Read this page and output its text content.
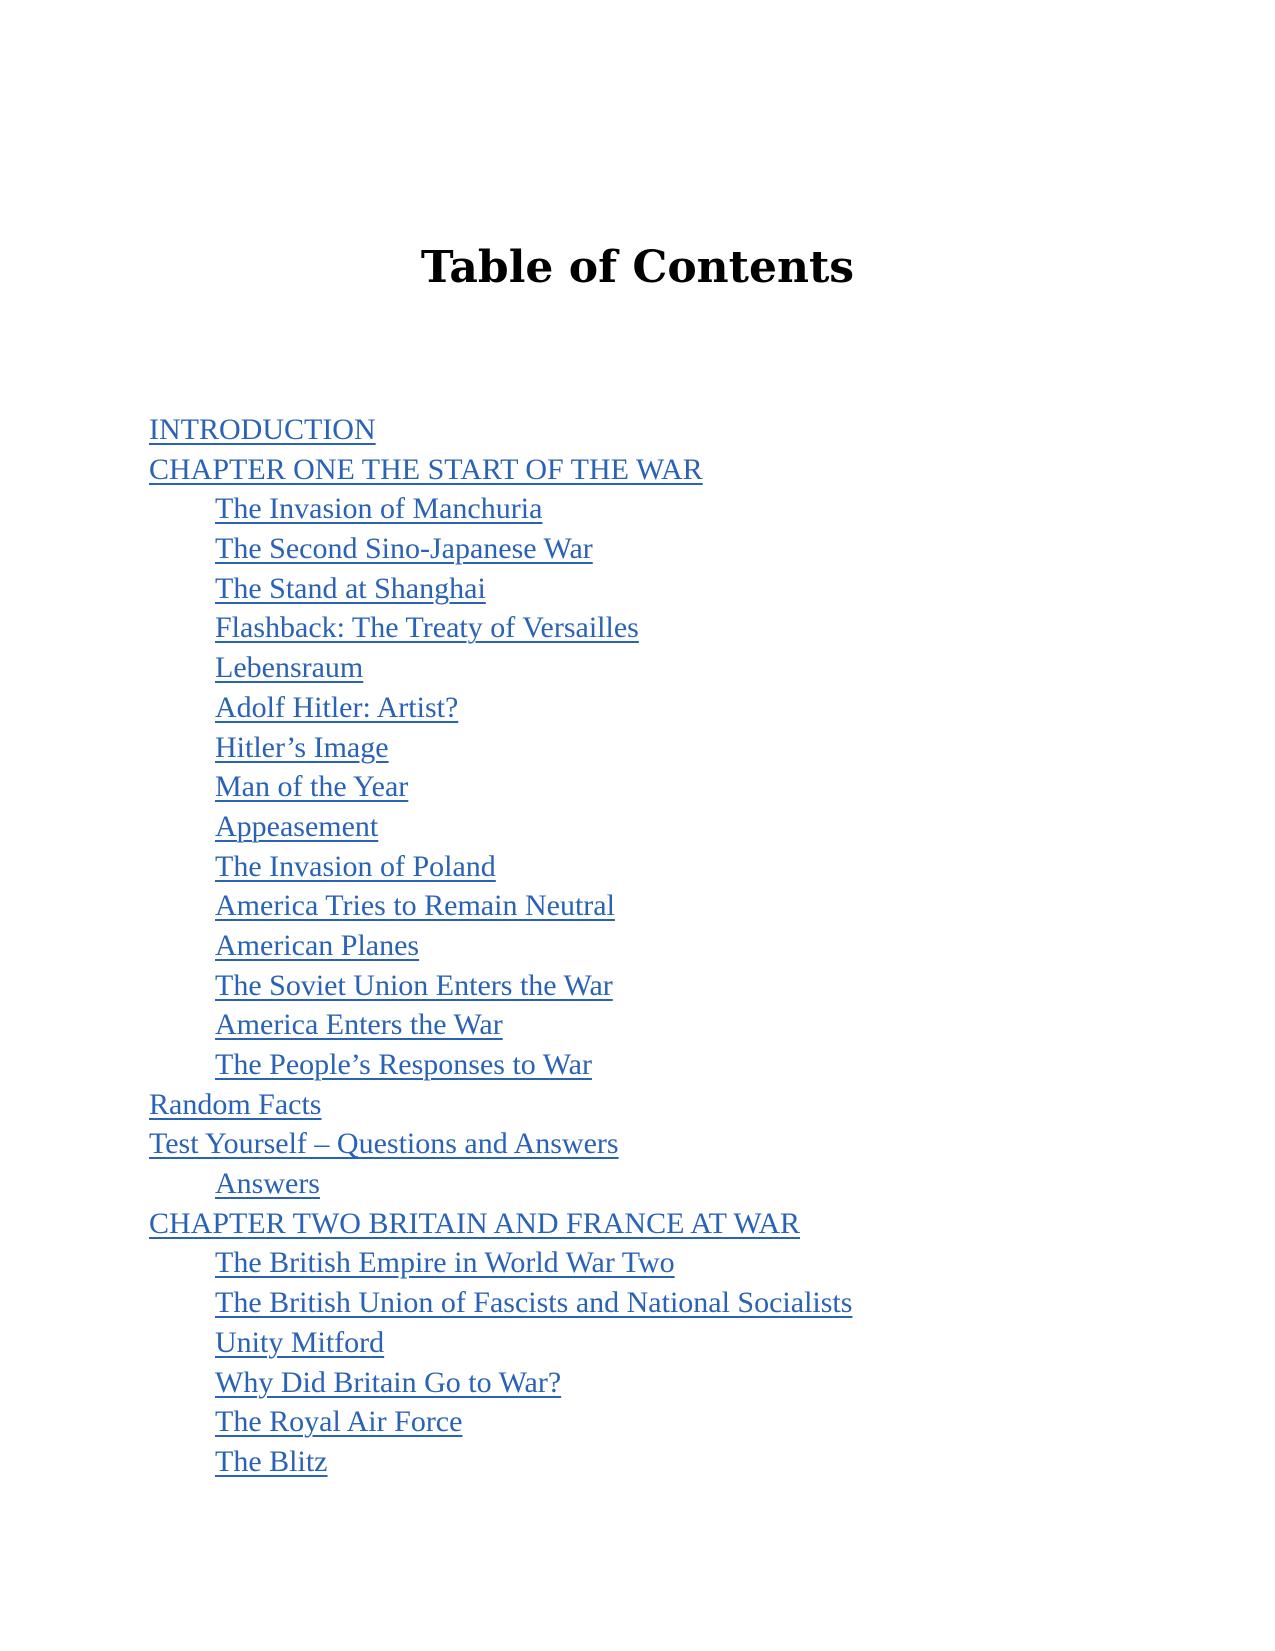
Table of Contents
INTRODUCTION
CHAPTER ONE THE START OF THE WAR
The Invasion of Manchuria
The Second Sino-Japanese War
The Stand at Shanghai
Flashback: The Treaty of Versailles
Lebensraum
Adolf Hitler: Artist?
Hitler’s Image
Man of the Year
Appeasement
The Invasion of Poland
America Tries to Remain Neutral
American Planes
The Soviet Union Enters the War
America Enters the War
The People’s Responses to War
Random Facts
Test Yourself – Questions and Answers
Answers
CHAPTER TWO BRITAIN AND FRANCE AT WAR
The British Empire in World War Two
The British Union of Fascists and National Socialists
Unity Mitford
Why Did Britain Go to War?
The Royal Air Force
The Blitz
